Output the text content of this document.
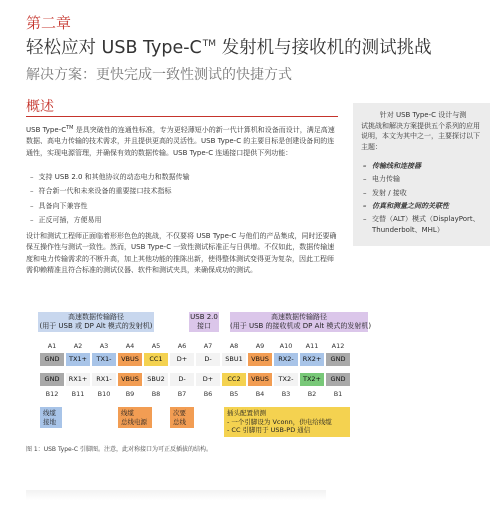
第二章
轻松应对 USB Type-C™ 发射机与接收机的测试挑战
解决方案：更快完成一致性测试的快捷方式
概述
USB Type-C™ 是具突破性的连通性标准，专为更轻薄短小的新一代计算机和设备而设计，满足高速数据、高电力传输的技术需求，并且提供更高的灵活性。USB Type-C 的主要目标是创建设备间的连通性，实现电源管理，并确保有效的数据传输。USB Type-C 连通接口提供下列功能：
– 支持 USB 2.0 和其他协议的动态电力和数据传输
– 符合新一代和未来设备的重要接口技术指标
– 具备向下兼容性
– 正反可插，方便易用
设计和测试工程师正面临着形形色色的挑战，不仅要将 USB Type-C 与他们的产品集成，同时还要确保互操作性与测试一致性。然而，USB Type-C 一致性测试标准正与日俱增。不仅如此，数据传输速度和电力传输需求的不断升高，加上其他功能的推陈出新，使得整体测试变得更为复杂，因此工程师需仰赖精准且符合标准的测试仪器、软件和测试夹具，来确保成功的测试。
针对 USB Type-C 设计与测
试挑战和解决方案提供五个系列的应用说明，本文为其中之一，主要探讨以下主题：
– 传输线和连接器
– 电力传输
– 发射 / 接收
– 仿真和测量之间的关联性
– 交替（ALT）模式（DisplayPort、Thunderbolt、MHL）
高速数据传输路径
(用于 USB 或 DP Alt 模式的发射机)
USB 2.0
接口
高速数据传输路径
(用于 USB 的接收机或 DP Alt 模式的发射机)
A1
GND
GND
B12
A2
TX1+
RX1+
B11
A3
TX1-
RX1-
B10
A4
VBUS
VBUS
B9
A5
CC1
SBU2
B8
A6
D+
D-
B7
A7
D-
D+
B6
A8
SBU1
CC2
B5
A9
VBUS
VBUS
B4
A10
RX2-
TX2-
B3
A11
RX2+
TX2+
B2
A12
GND
GND
B1
线缆
接地
线缆
总线电源
次要
总线
插头配置侦测
- 一个引脚设为 Vconn，供电给线缆
- CC 引脚用于 USB-PD 通信
图 1：USB Type-C 引脚图。注意，此对称接口为可正反插拔的结构。
